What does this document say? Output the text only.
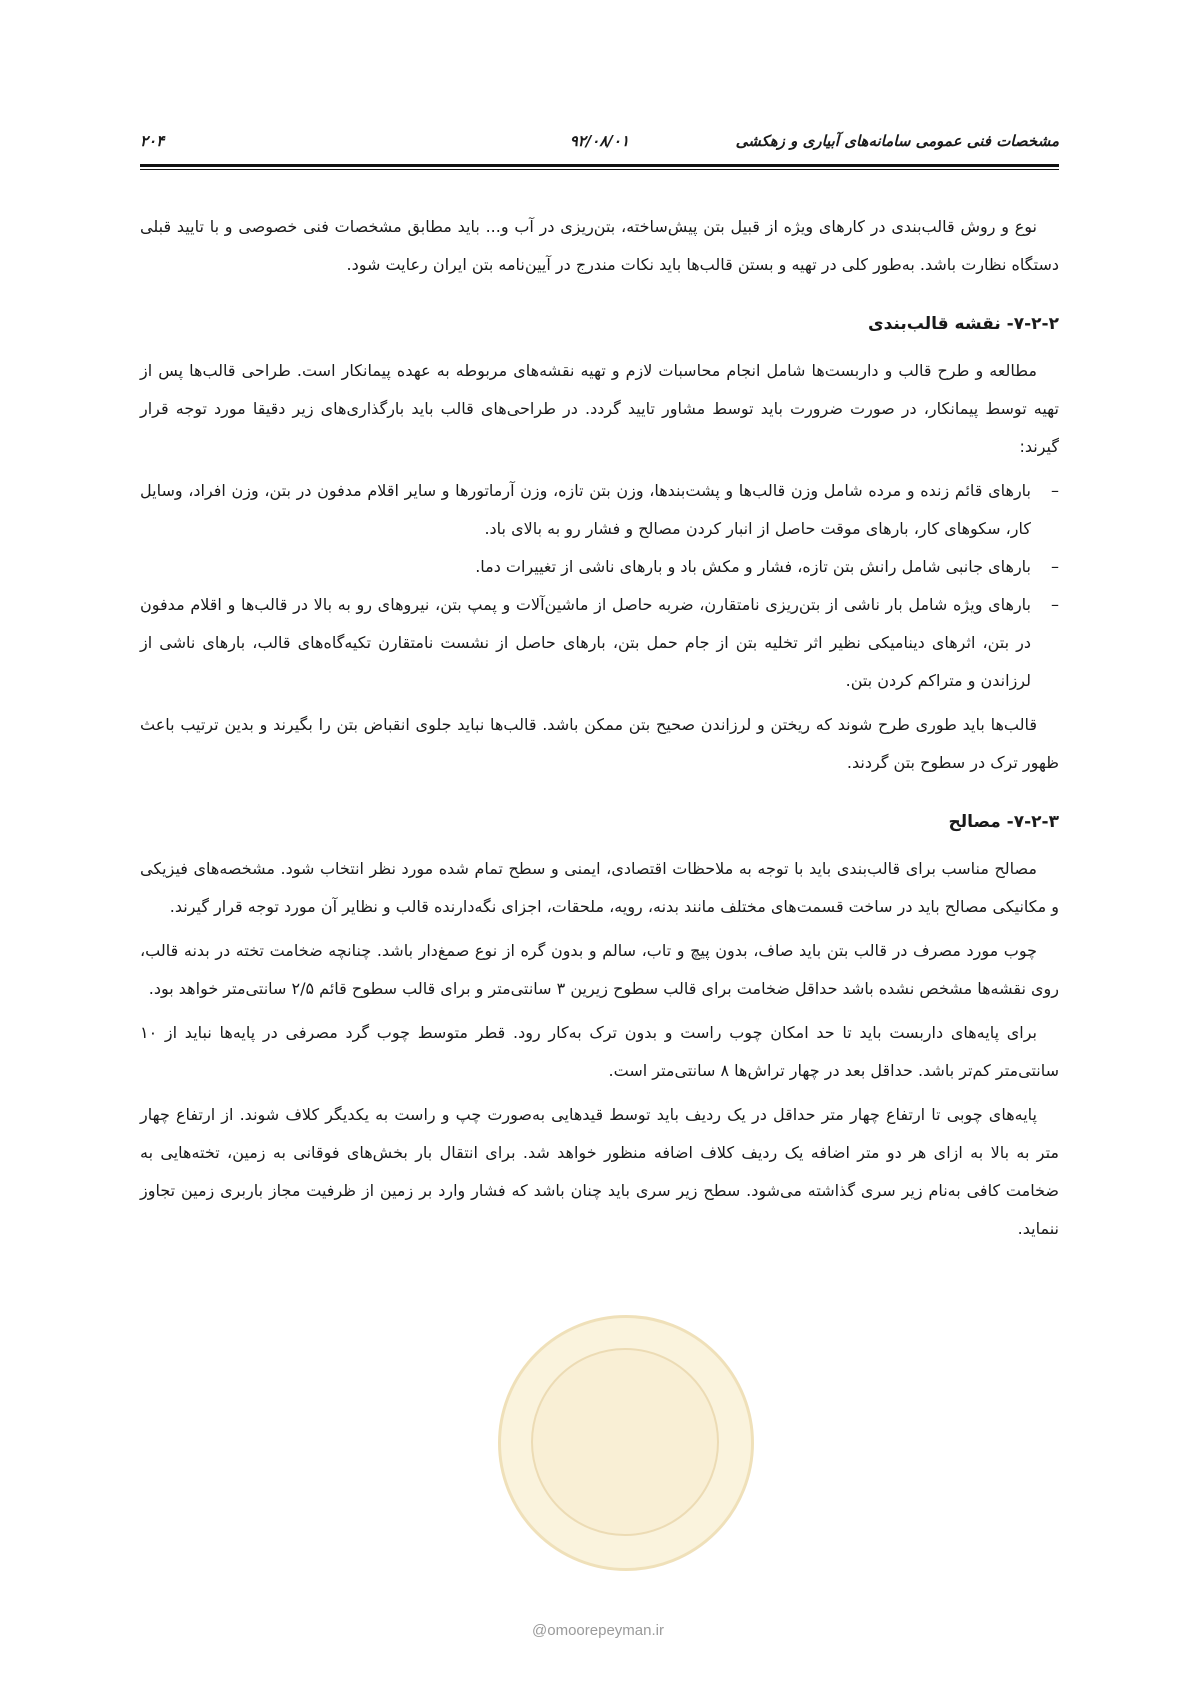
مشخصات فنی عمومی سامانه‌های آبیاری و زهکشی
۹۲/۰۸/۰۱
۲۰۴

نوع و روش قالب‌بندی در کارهای ویژه از قبیل بتن پیش‌ساخته، بتن‌ریزی در آب و... باید مطابق مشخصات فنی خصوصی و با تایید قبلی دستگاه نظارت باشد. به‌طور کلی در تهیه و بستن قالب‌ها باید نکات مندرج در آیین‌نامه بتن ایران رعایت شود.

۷-۲-۲- نقشه قالب‌بندی

مطالعه و طرح قالب و داربست‌ها شامل انجام محاسبات لازم و تهیه نقشه‌های مربوطه به عهده پیمانکار است. طراحی قالب‌ها پس از تهیه توسط پیمانکار، در صورت ضرورت باید توسط مشاور تایید گردد. در طراحی‌های قالب باید بارگذاری‌های زیر دقیقا مورد توجه قرار گیرند:

–
بارهای قائم زنده و مرده شامل وزن قالب‌ها و پشت‌بندها، وزن بتن تازه، وزن آرماتورها و سایر اقلام مدفون در بتن، وزن افراد، وسایل کار، سکوهای کار، بارهای موقت حاصل از انبار کردن مصالح و فشار رو به بالای باد.
–
بارهای جانبی شامل رانش بتن تازه، فشار و مکش باد و بارهای ناشی از تغییرات دما.
–
بارهای ویژه شامل بار ناشی از بتن‌ریزی نامتقارن، ضربه حاصل از ماشین‌آلات و پمپ بتن، نیروهای رو به بالا در قالب‌ها و اقلام مدفون در بتن، اثرهای دینامیکی نظیر اثر تخلیه بتن از جام حمل بتن، بارهای حاصل از نشست نامتقارن تکیه‌گاه‌های قالب، بارهای ناشی از لرزاندن و متراکم کردن بتن.

قالب‌ها باید طوری طرح شوند که ریختن و لرزاندن صحیح بتن ممکن باشد. قالب‌ها نباید جلوی انقباض بتن را بگیرند و بدین ترتیب باعث ظهور ترک در سطوح بتن گردند.

۷-۲-۳- مصالح

مصالح مناسب برای قالب‌بندی باید با توجه به ملاحظات اقتصادی، ایمنی و سطح تمام شده مورد نظر انتخاب شود. مشخصه‌های فیزیکی و مکانیکی مصالح باید در ساخت قسمت‌های مختلف مانند بدنه، رویه، ملحقات، اجزای نگه‌دارنده قالب و نظایر آن مورد توجه قرار گیرند.

چوب مورد مصرف در قالب بتن باید صاف، بدون پیچ و تاب، سالم و بدون گره از نوع صمغ‌دار باشد. چنانچه ضخامت تخته در بدنه قالب، روی نقشه‌ها مشخص نشده باشد حداقل ضخامت برای قالب سطوح زیرین ۳ سانتی‌متر و برای قالب سطوح قائم ۲/۵ سانتی‌متر خواهد بود.

برای پایه‌های داربست باید تا حد امکان چوب راست و بدون ترک به‌کار رود. قطر متوسط چوب گرد مصرفی در پایه‌ها نباید از ۱۰ سانتی‌متر کم‌تر باشد. حداقل بعد در چهار تراش‌ها ۸ سانتی‌متر است.

پایه‌های چوبی تا ارتفاع چهار متر حداقل در یک ردیف باید توسط قیدهایی به‌صورت چپ و راست به یکدیگر کلاف شوند. از ارتفاع چهار متر به بالا به ازای هر دو متر اضافه یک ردیف کلاف اضافه منظور خواهد شد. برای انتقال بار بخش‌های فوقانی به زمین، تخته‌هایی به ضخامت کافی به‌نام زیر سری گذاشته می‌شود. سطح زیر سری باید چنان باشد که فشار وارد بر زمین از ظرفیت مجاز باربری زمین تجاوز ننماید.

@omoorepeyman.ir
